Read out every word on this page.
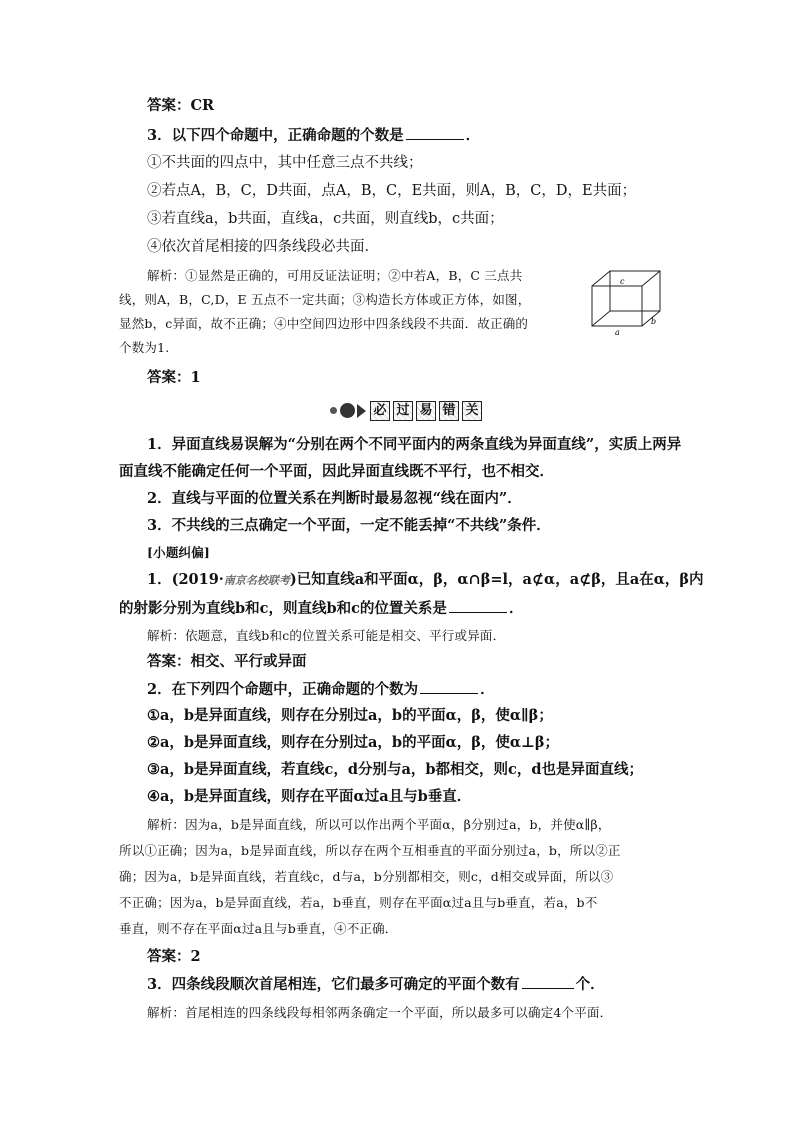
答案：CR
3．以下四个命题中，正确命题的个数是	．
①不共面的四点中，其中任意三点不共线；
②若点A，B，C，D共面，点A，B，C，E共面，则A，B，C，D，E共面；
③若直线a，b共面，直线a，c共面，则直线b，c共面；
④依次首尾相接的四条线段必共面．
解析：①显然是正确的，可用反证法证明；②中若A，B，C 三点共
线，则A，B，C,D，E 五点不一定共面；③构造长方体或正方体，如图，
显然b，c异面，故不正确；④中空间四边形中四条线段不共面．故正确的
个数为1.
c
a
b
答案：1
必 过 易 错 关
1．异面直线易误解为“分别在两个不同平面内的两条直线为异面直线”，实质上两异
面直线不能确定任何一个平面，因此异面直线既不平行，也不相交．
2．直线与平面的位置关系在判断时最易忽视“线在面内”．
3．不共线的三点确定一个平面，一定不能丢掉“不共线”条件．
[小题纠偏]
1．(2019·南京名校联考)已知直线a和平面α，β，α∩β=l，a⊄α，a⊄β，且a在α，β内
的射影分别为直线b和c，则直线b和c的位置关系是	．
解析：依题意，直线b和c的位置关系可能是相交、平行或异面．
答案：相交、平行或异面
2．在下列四个命题中，正确命题的个数为	．
①a，b是异面直线，则存在分别过a，b的平面α，β，使α∥β；
②a，b是异面直线，则存在分别过a，b的平面α，β，使α⊥β；
③a，b是异面直线，若直线c，d分别与a，b都相交，则c，d也是异面直线；
④a，b是异面直线，则存在平面α过a且与b垂直．
解析：因为a，b是异面直线，所以可以作出两个平面α，β分别过a，b，并使α∥β，
所以①正确；因为a，b是异面直线，所以存在两个互相垂直的平面分别过a，b，所以②正
确；因为a，b是异面直线，若直线c，d与a，b分别都相交，则c，d相交或异面，所以③
不正确；因为a，b是异面直线，若a，b垂直，则存在平面α过a且与b垂直，若a，b不
垂直，则不存在平面α过a且与b垂直，④不正确．
答案：2
3．四条线段顺次首尾相连，它们最多可确定的平面个数有	个．
解析：首尾相连的四条线段每相邻两条确定一个平面，所以最多可以确定4个平面．
